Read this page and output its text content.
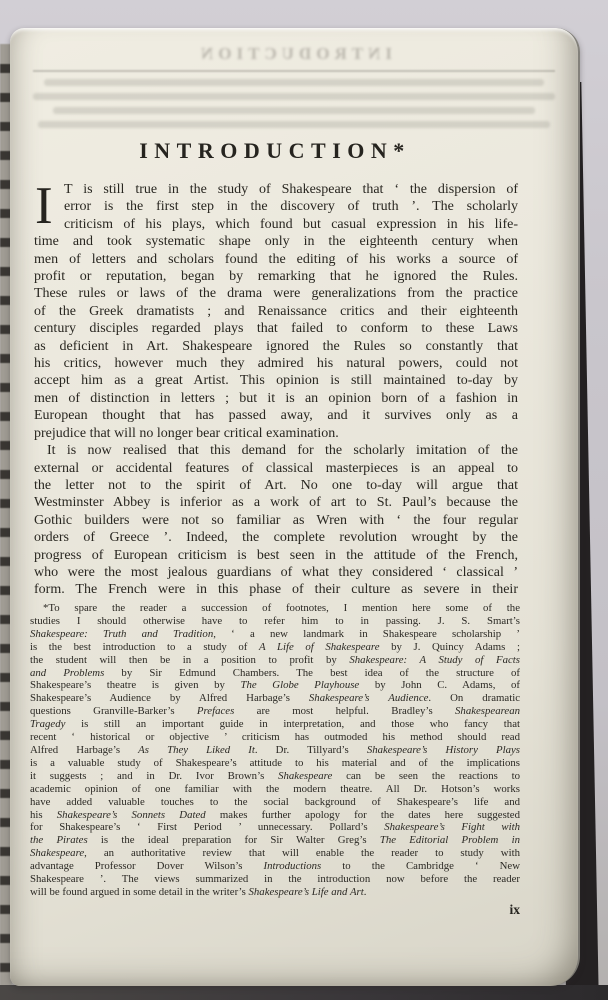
INTRODUCTION
INTRODUCTION*
I T is still true in the study of Shakespeare that ‘ the dispersion of
error is the first step in the discovery of truth ’. The scholarly
criticism of his plays, which found but casual expression in his life-
time and took systematic shape only in the eighteenth century when
men of letters and scholars found the editing of his works a source of
profit or reputation, began by remarking that he ignored the Rules.
These rules or laws of the drama were generalizations from the practice
of the Greek dramatists ; and Renaissance critics and their eighteenth
century disciples regarded plays that failed to conform to these Laws
as deficient in Art. Shakespeare ignored the Rules so constantly that
his critics, however much they admired his natural powers, could not
accept him as a great Artist. This opinion is still maintained to-day by
men of distinction in letters ; but it is an opinion born of a fashion in
European thought that has passed away, and it survives only as a
prejudice that will no longer bear critical examination.
It is now realised that this demand for the scholarly imitation of the
external or accidental features of classical masterpieces is an appeal to
the letter not to the spirit of Art. No one to-day will argue that
Westminster Abbey is inferior as a work of art to St. Paul’s because the
Gothic builders were not so familiar as Wren with ‘ the four regular
orders of Greece ’. Indeed, the complete revolution wrought by the
progress of European criticism is best seen in the attitude of the French,
who were the most jealous guardians of what they considered ‘ classical ’
form. The French were in this phase of their culture as severe in their
*To spare the reader a succession of footnotes, I mention here some of the
studies I should otherwise have to refer him to in passing. J. S. Smart’s
Shakespeare: Truth and Tradition, ‘ a new landmark in Shakespeare scholarship ’
is the best introduction to a study of A Life of Shakespeare by J. Quincy Adams ;
the student will then be in a position to profit by Shakespeare: A Study of Facts
and Problems by Sir Edmund Chambers. The best idea of the structure of
Shakespeare’s theatre is given by The Globe Playhouse by John C. Adams, of
Shakespeare’s Audience by Alfred Harbage’s Shakespeare’s Audience. On dramatic
questions Granville-Barker’s Prefaces are most helpful. Bradley’s Shakespearean
Tragedy is still an important guide in interpretation, and those who fancy that
recent ‘ historical or objective ’ criticism has outmoded his method should read
Alfred Harbage’s As They Liked It. Dr. Tillyard’s Shakespeare’s History Plays
is a valuable study of Shakespeare’s attitude to his material and of the implications
it suggests ; and in Dr. Ivor Brown’s Shakespeare can be seen the reactions to
academic opinion of one familiar with the modern theatre. All Dr. Hotson’s works
have added valuable touches to the social background of Shakespeare’s life and
his Shakespeare’s Sonnets Dated makes further apology for the dates here suggested
for Shakespeare’s ‘ First Period ’ unnecessary. Pollard’s Shakespeare’s Fight with
the Pirates is the ideal preparation for Sir Walter Greg’s The Editorial Problem in
Shakespeare, an authoritative review that will enable the reader to study with
advantage Professor Dover Wilson’s Introductions to the Cambridge ‘ New
Shakespeare ’. The views summarized in the introduction now before the reader
will be found argued in some detail in the writer’s Shakespeare’s Life and Art.
ix
